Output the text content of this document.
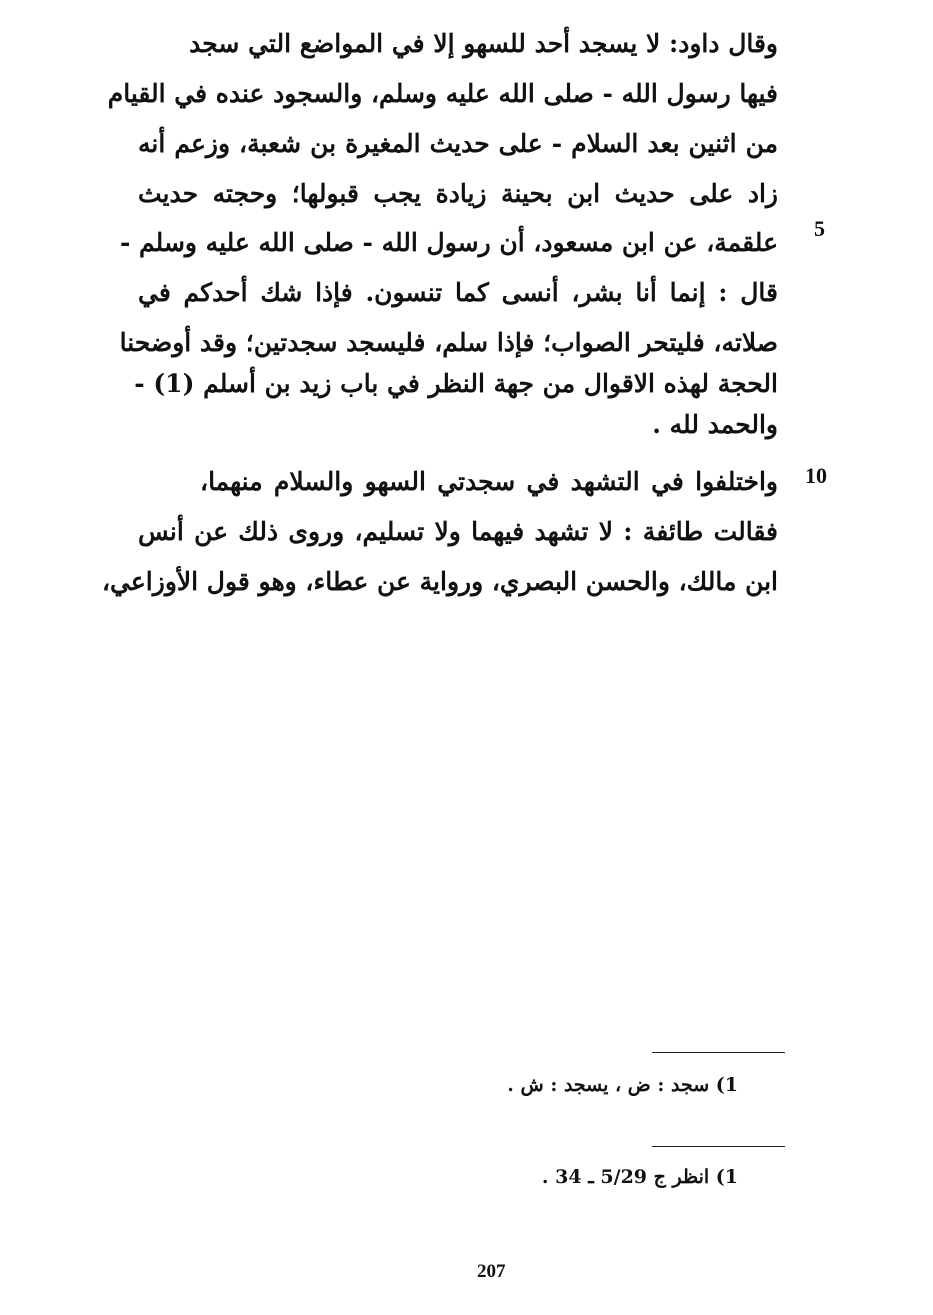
وقال داود: لا يسجد أحد للسهو إلا في المواضع التي سجد
فيها رسول الله - صلى الله عليه وسلم، والسجود عنده في القيام
من اثنين بعد السلام - على حديث المغيرة بن شعبة، وزعم أنه
زاد على حديث ابن بحينة زيادة يجب قبولها؛ وحجته حديث
علقمة، عن ابن مسعود، أن رسول الله - صلى الله عليه وسلم -
قال : إنما أنا بشر، أنسى كما تنسون. فإذا شك أحدكم في
صلاته، فليتحر الصواب؛ فإذا سلم، فليسجد سجدتين؛ وقد أوضحنا
الحجة لهذه الاقوال من جهة النظر في باب زيد بن أسلم (1) -
والحمد لله .
واختلفوا في التشهد في سجدتي السهو والسلام منهما،
فقالت طائفة : لا تشهد فيهما ولا تسليم، وروى ذلك عن أنس
ابن مالك، والحسن البصري، ورواية عن عطاء، وهو قول الأوزاعي،
5
10
1) سجد : ض ، يسجد : ش .
1) انظر ج 5/29 ـ 34 .
207
